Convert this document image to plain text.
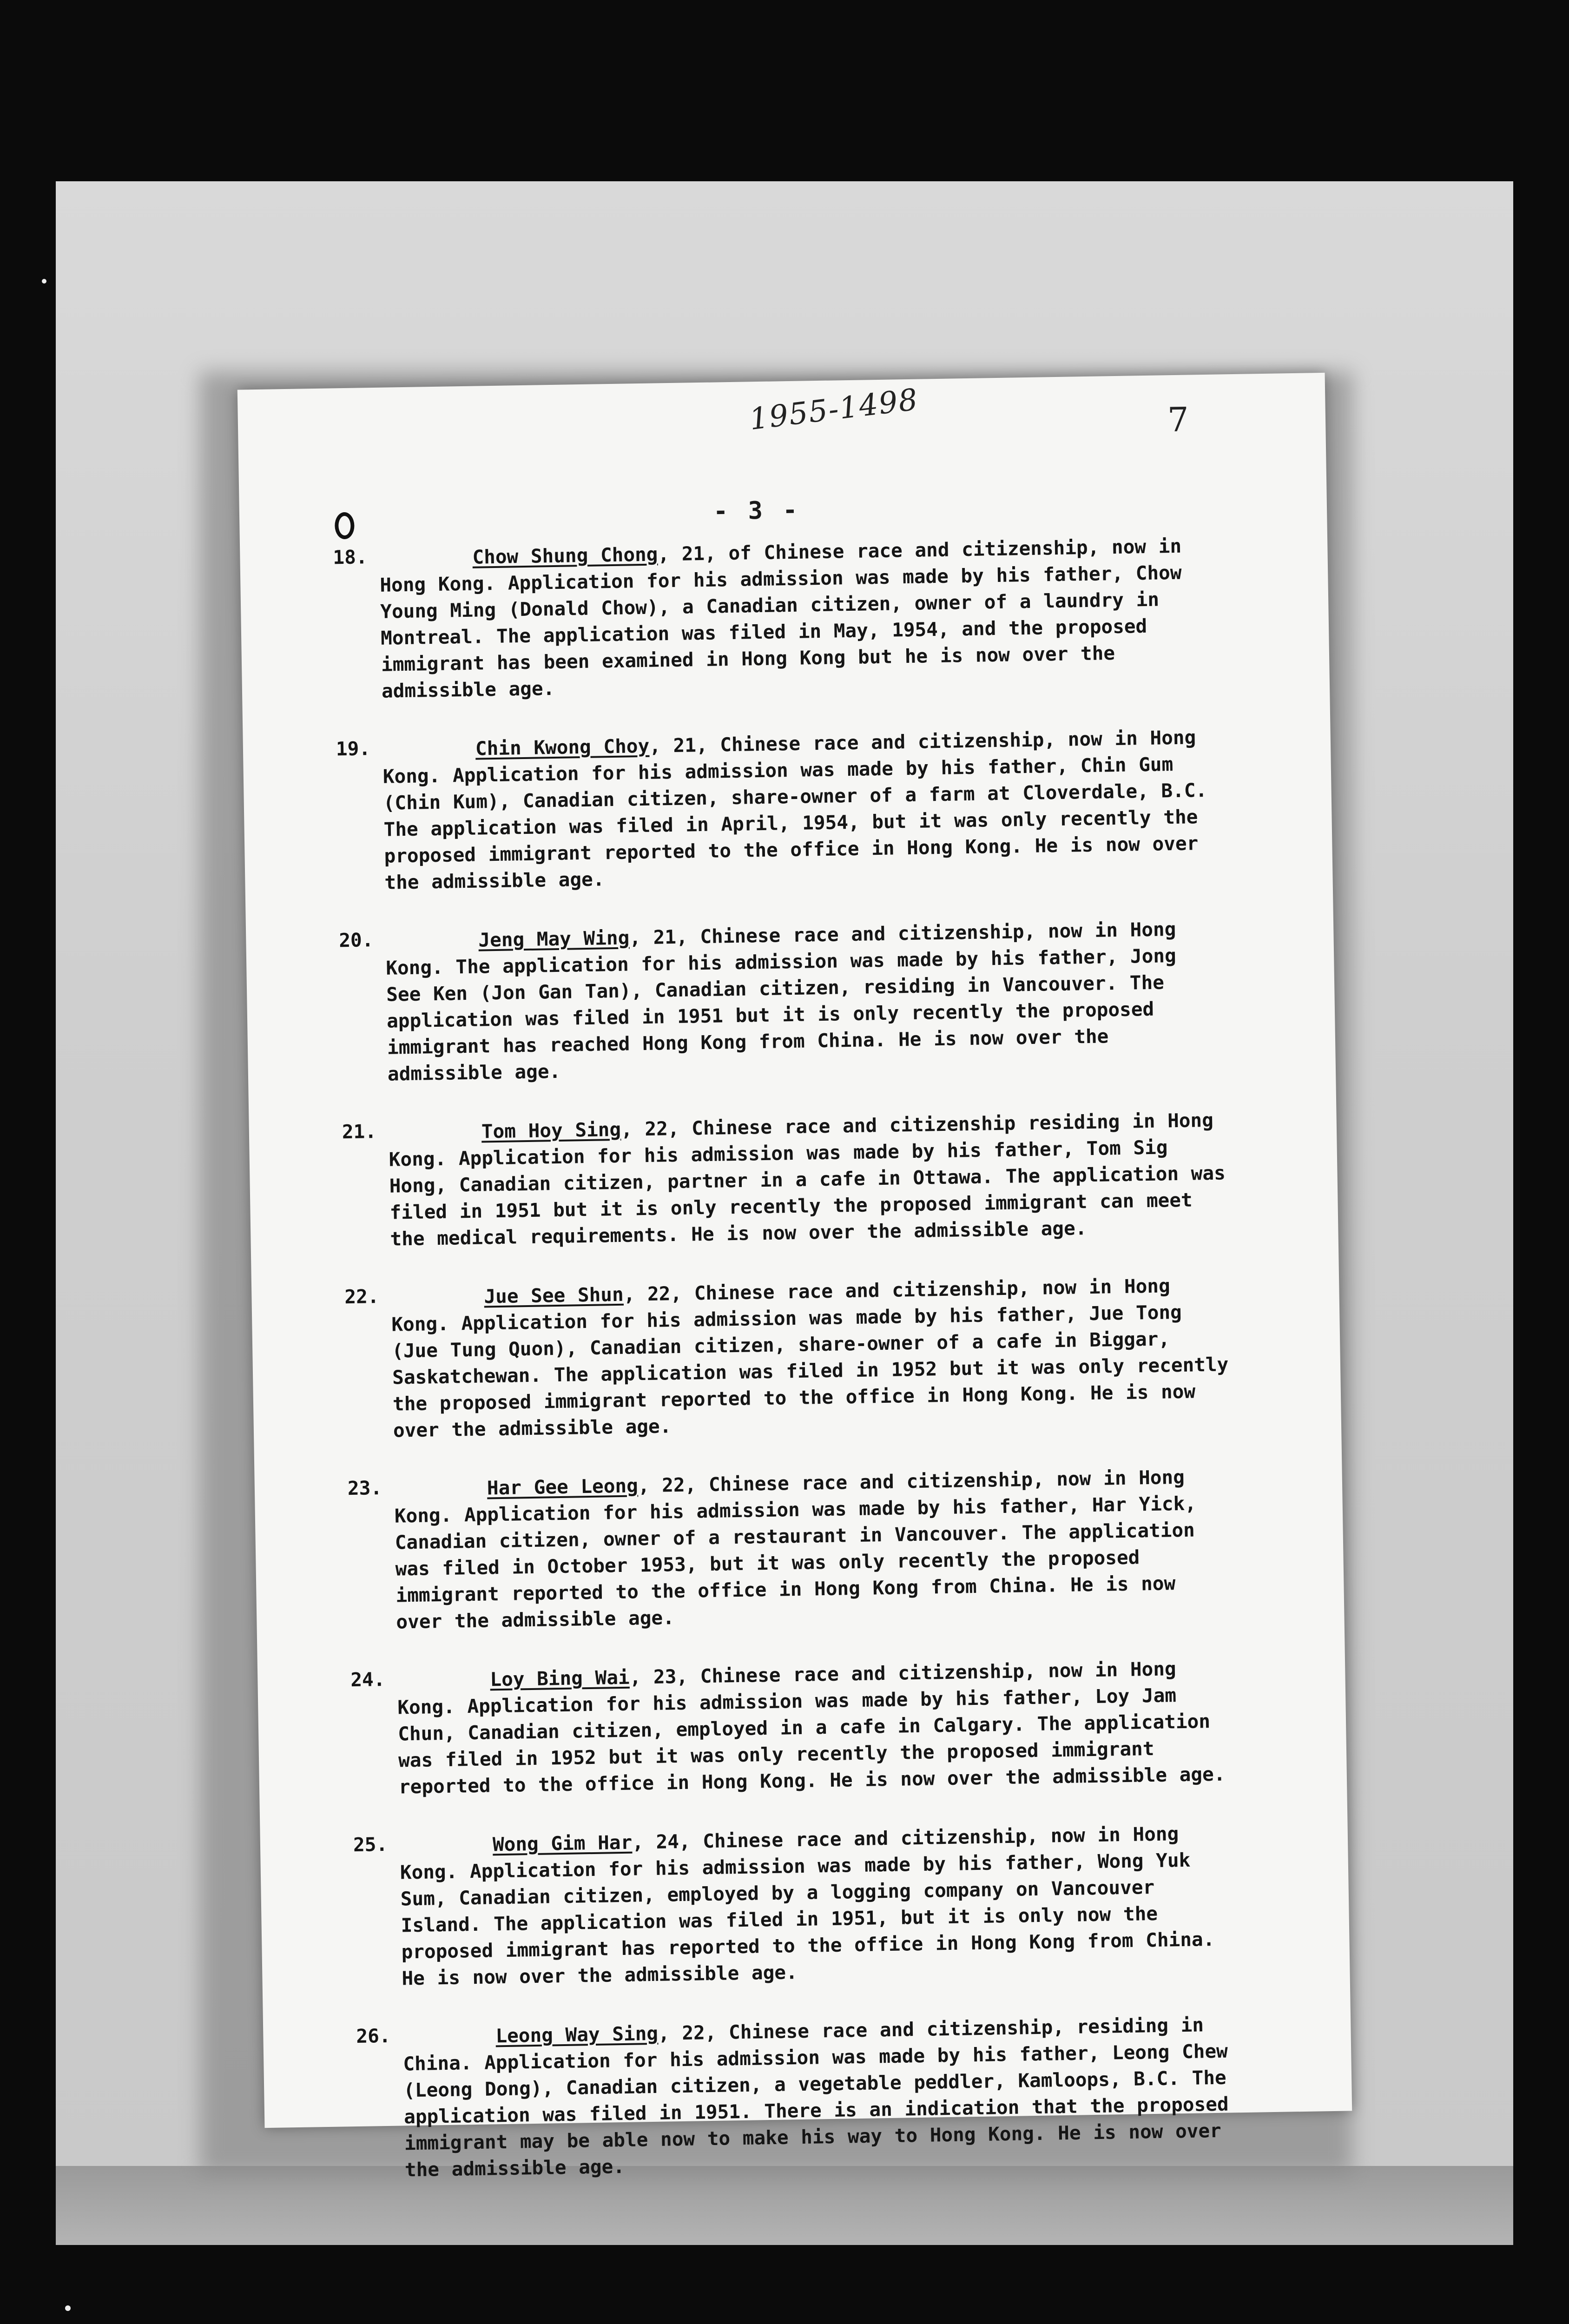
1955-1498	7
- 3 -
18.	Chow Shung Chong, 21, of Chinese race and citizenship, now in Hong Kong. Application for his admission was made by his father, Chow Young Ming (Donald Chow), a Canadian citizen, owner of a laundry in Montreal. The application was filed in May, 1954, and the proposed immigrant has been examined in Hong Kong but he is now over the admissible age.
19.	Chin Kwong Choy, 21, Chinese race and citizenship, now in Hong Kong. Application for his admission was made by his father, Chin Gum (Chin Kum), Canadian citizen, share-owner of a farm at Cloverdale, B.C. The application was filed in April, 1954, but it was only recently the proposed immigrant reported to the office in Hong Kong. He is now over the admissible age.
20.	Jeng May Wing, 21, Chinese race and citizenship, now in Hong Kong. The application for his admission was made by his father, Jong See Ken (Jon Gan Tan), Canadian citizen, residing in Vancouver. The application was filed in 1951 but it is only recently the proposed immigrant has reached Hong Kong from China. He is now over the admissible age.
21.	Tom Hoy Sing, 22, Chinese race and citizenship residing in Hong Kong. Application for his admission was made by his father, Tom Sig Hong, Canadian citizen, partner in a cafe in Ottawa. The application was filed in 1951 but it is only recently the proposed immigrant can meet the medical requirements. He is now over the admissible age.
22.	Jue See Shun, 22, Chinese race and citizenship, now in Hong Kong. Application for his admission was made by his father, Jue Tong (Jue Tung Quon), Canadian citizen, share-owner of a cafe in Biggar, Saskatchewan. The application was filed in 1952 but it was only recently the proposed immigrant reported to the office in Hong Kong. He is now over the admissible age.
23.	Har Gee Leong, 22, Chinese race and citizenship, now in Hong Kong. Application for his admission was made by his father, Har Yick, Canadian citizen, owner of a restaurant in Vancouver. The application was filed in October 1953, but it was only recently the proposed immigrant reported to the office in Hong Kong from China. He is now over the admissible age.
24.	Loy Bing Wai, 23, Chinese race and citizenship, now in Hong Kong. Application for his admission was made by his father, Loy Jam Chun, Canadian citizen, employed in a cafe in Calgary. The application was filed in 1952 but it was only recently the proposed immigrant reported to the office in Hong Kong. He is now over the admissible age.
25.	Wong Gim Har, 24, Chinese race and citizenship, now in Hong Kong. Application for his admission was made by his father, Wong Yuk Sum, Canadian citizen, employed by a logging company on Vancouver Island. The application was filed in 1951, but it is only now the proposed immigrant has reported to the office in Hong Kong from China. He is now over the admissible age.
26.	Leong Way Sing, 22, Chinese race and citizenship, residing in China. Application for his admission was made by his father, Leong Chew (Leong Dong), Canadian citizen, a vegetable peddler, Kamloops, B.C. The application was filed in 1951. There is an indication that the proposed immigrant may be able now to make his way to Hong Kong. He is now over the admissible age.
